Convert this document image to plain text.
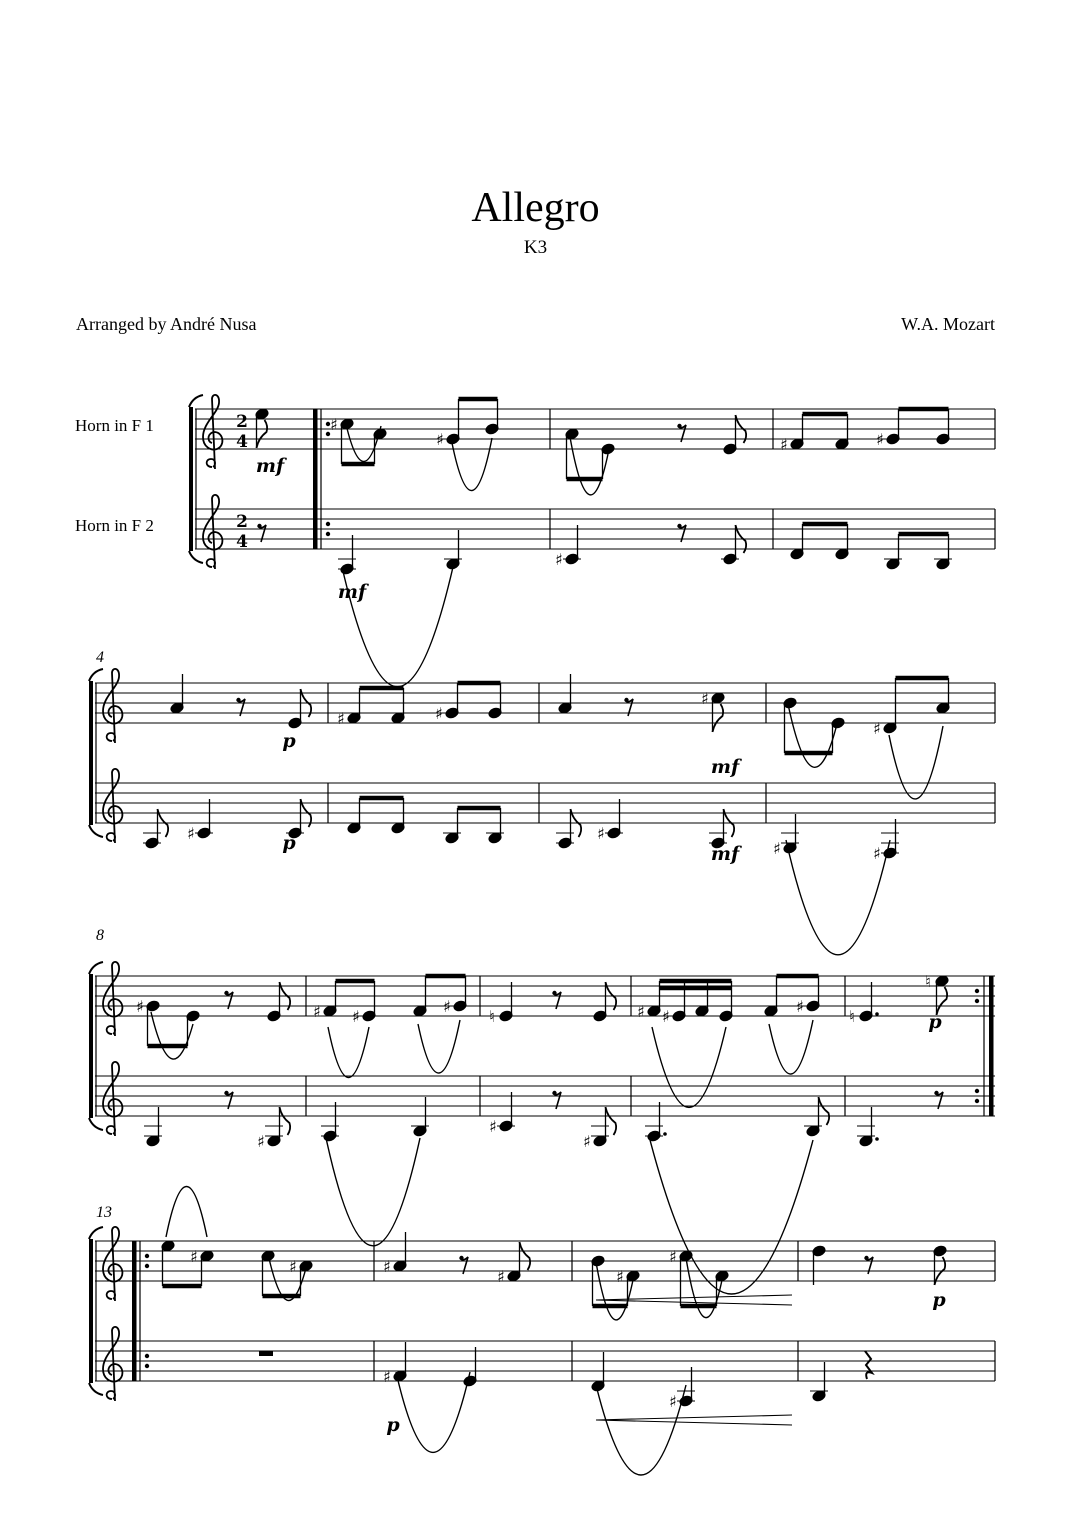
Allegro
K3
Arranged by André Nusa	W.A. Mozart
Horn in F 1
Horn in F 2
2
4
2
4
mf
♯
♯
mf
♯
♯	♯
4
p
♯	p
♯	♯
♯
mf
♯
mf
♯
♯	♯
8
♯
♯
♯ ♯
♯
♮
♯
♯
♯ ♯
♯
♮
♮
p
13
♯
♯	♯
♯
♯
p
♯
♯
♯
p
